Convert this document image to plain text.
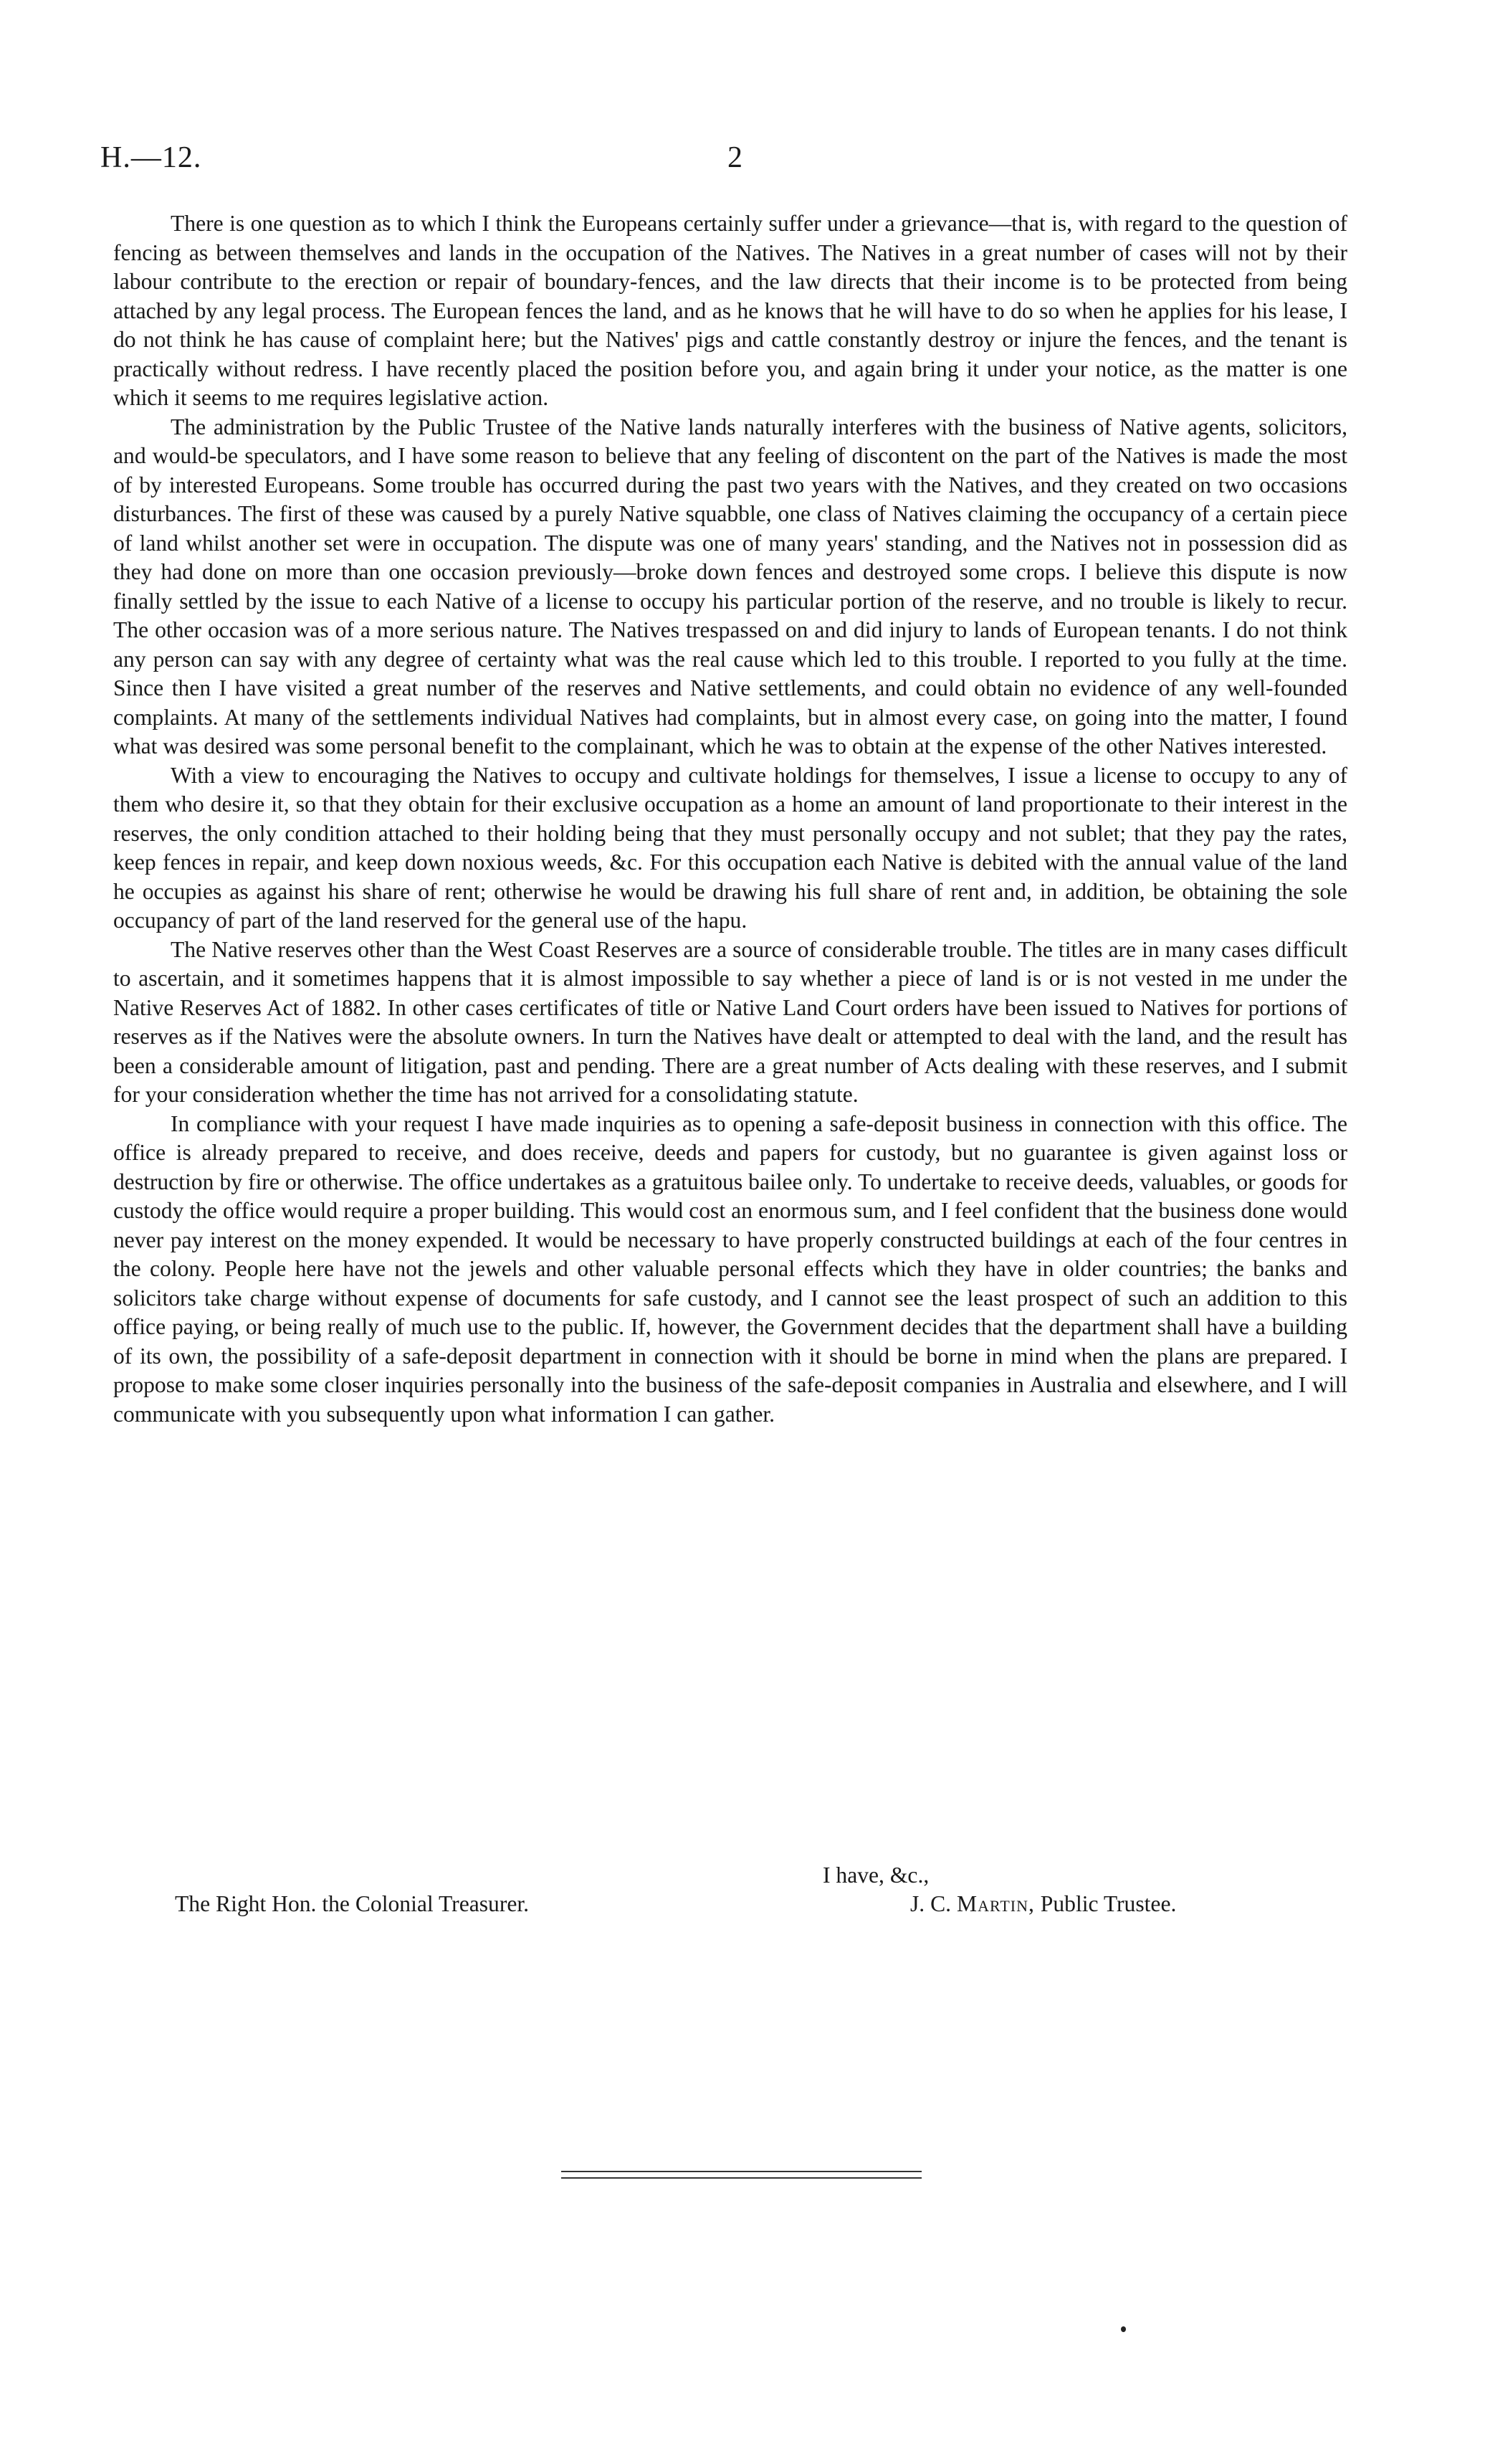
H.—12.	2

There is one question as to which I think the Europeans certainly suffer under a grievance—that is, with regard to the question of fencing as between themselves and lands in the occupation of the Natives. The Natives in a great number of cases will not by their labour contribute to the erection or repair of boundary-fences, and the law directs that their income is to be protected from being attached by any legal process. The European fences the land, and as he knows that he will have to do so when he applies for his lease, I do not think he has cause of complaint here; but the Natives' pigs and cattle constantly destroy or injure the fences, and the tenant is practically without redress. I have recently placed the position before you, and again bring it under your notice, as the matter is one which it seems to me requires legislative action.

The administration by the Public Trustee of the Native lands naturally interferes with the business of Native agents, solicitors, and would-be speculators, and I have some reason to believe that any feeling of discontent on the part of the Natives is made the most of by interested Europeans. Some trouble has occurred during the past two years with the Natives, and they created on two occasions disturbances. The first of these was caused by a purely Native squabble, one class of Natives claiming the occupancy of a certain piece of land whilst another set were in occupation. The dispute was one of many years' standing, and the Natives not in possession did as they had done on more than one occasion previously—broke down fences and destroyed some crops. I believe this dispute is now finally settled by the issue to each Native of a license to occupy his particular portion of the reserve, and no trouble is likely to recur. The other occasion was of a more serious nature. The Natives trespassed on and did injury to lands of European tenants. I do not think any person can say with any degree of certainty what was the real cause which led to this trouble. I reported to you fully at the time. Since then I have visited a great number of the reserves and Native settlements, and could obtain no evidence of any well-founded complaints. At many of the settlements individual Natives had complaints, but in almost every case, on going into the matter, I found what was desired was some personal benefit to the complainant, which he was to obtain at the expense of the other Natives interested.

With a view to encouraging the Natives to occupy and cultivate holdings for themselves, I issue a license to occupy to any of them who desire it, so that they obtain for their exclusive occupation as a home an amount of land proportionate to their interest in the reserves, the only condition attached to their holding being that they must personally occupy and not sublet; that they pay the rates, keep fences in repair, and keep down noxious weeds, &c. For this occupation each Native is debited with the annual value of the land he occupies as against his share of rent; otherwise he would be drawing his full share of rent and, in addition, be obtaining the sole occupancy of part of the land reserved for the general use of the hapu.

The Native reserves other than the West Coast Reserves are a source of considerable trouble. The titles are in many cases difficult to ascertain, and it sometimes happens that it is almost impossible to say whether a piece of land is or is not vested in me under the Native Reserves Act of 1882. In other cases certificates of title or Native Land Court orders have been issued to Natives for portions of reserves as if the Natives were the absolute owners. In turn the Natives have dealt or attempted to deal with the land, and the result has been a considerable amount of litigation, past and pending. There are a great number of Acts dealing with these reserves, and I submit for your consideration whether the time has not arrived for a consolidating statute.

In compliance with your request I have made inquiries as to opening a safe-deposit business in connection with this office. The office is already prepared to receive, and does receive, deeds and papers for custody, but no guarantee is given against loss or destruction by fire or otherwise. The office undertakes as a gratuitous bailee only. To undertake to receive deeds, valuables, or goods for custody the office would require a proper building. This would cost an enormous sum, and I feel confident that the business done would never pay interest on the money expended. It would be necessary to have properly constructed buildings at each of the four centres in the colony. People here have not the jewels and other valuable personal effects which they have in older countries; the banks and solicitors take charge without expense of documents for safe custody, and I cannot see the least prospect of such an addition to this office paying, or being really of much use to the public. If, however, the Government decides that the department shall have a building of its own, the possibility of a safe-deposit department in connection with it should be borne in mind when the plans are prepared. I propose to make some closer inquiries personally into the business of the safe-deposit companies in Australia and elsewhere, and I will communicate with you subsequently upon what information I can gather.

I have, &c.,
The Right Hon. the Colonial Treasurer.	J. C. Martin, Public Trustee.
